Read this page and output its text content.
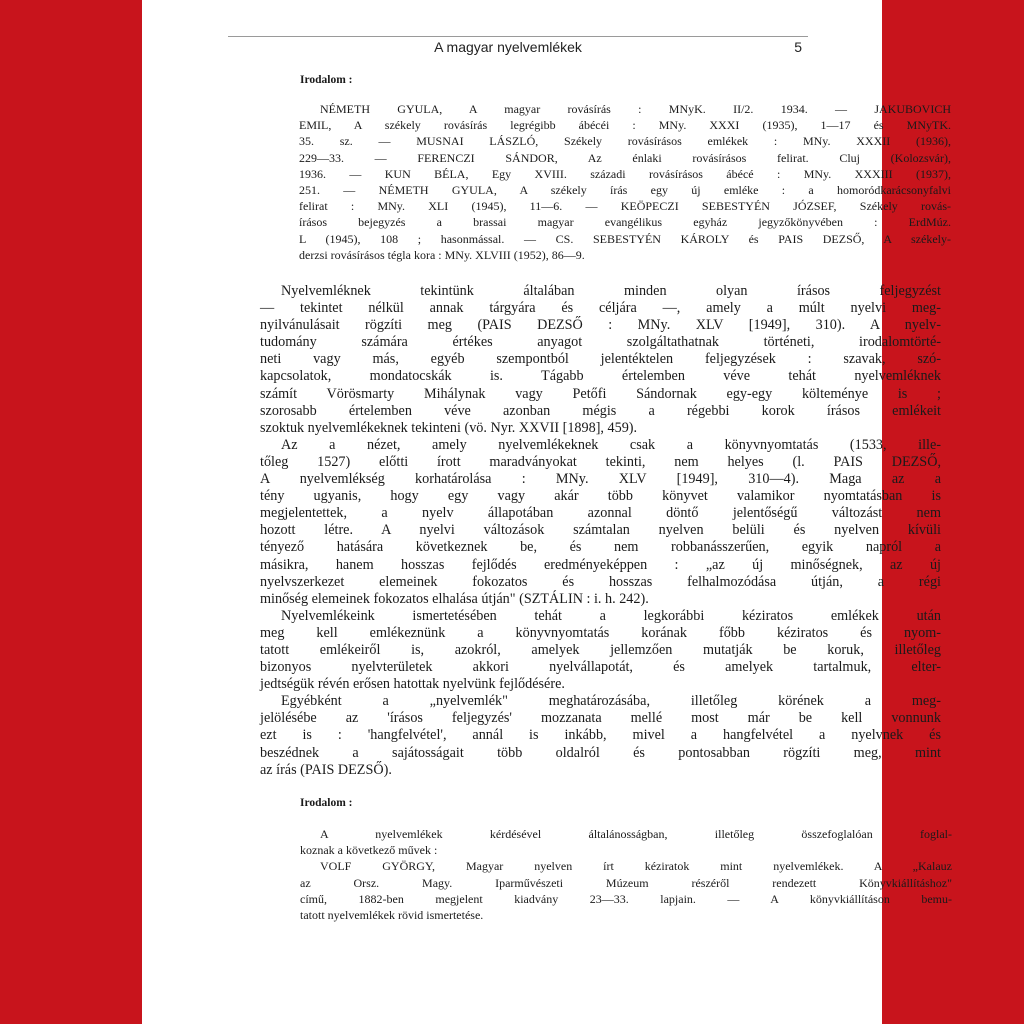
A magyar nyelvemlékek	5

Irodalom :

NÉMETH GYULA, A magyar rovásírás : MNyK. II/2. 1934. — JAKUBOVICH
EMIL, A székely rovásírás legrégibb ábécéi : MNy. XXXI (1935), 1—17 és MNyTK.
35. sz. — MUSNAI LÁSZLÓ, Székely rovásírásos emlékek : MNy. XXXII (1936),
229—33. — FERENCZI SÁNDOR, Az énlaki rovásírásos felirat. Cluj (Kolozsvár),
1936. — KUN BÉLA, Egy XVIII. századi rovásírásos ábécé : MNy. XXXIII (1937),
251. — NÉMETH GYULA, A székely írás egy új emléke : a homoródkarácsonyfalvi
felirat : MNy. XLI (1945), 11—6. — KEÖPECZI SEBESTYÉN JÓZSEF, Székely rovás-
írásos bejegyzés a brassai magyar evangélikus egyház jegyzőkönyvében : ErdMúz.
L (1945), 108 ; hasonmással. — CS. SEBESTYÉN KÁROLY és PAIS DEZSŐ, A székely-
derzsi rovásírásos tégla kora : MNy. XLVIII (1952), 86—9.
Nyelvemléknek tekintünk általában minden olyan írásos feljegyzést
— tekintet nélkül annak tárgyára és céljára —, amely a múlt nyelvi meg-
nyilvánulásait rögzíti meg (PAIS DEZSŐ : MNy. XLV [1949], 310). A nyelv-
tudomány számára értékes anyagot szolgáltathatnak történeti, irodalomtörté-
neti vagy más, egyéb szempontból jelentéktelen feljegyzések : szavak, szó-
kapcsolatok, mondatocskák is. Tágabb értelemben véve tehát nyelvemléknek
számít Vörösmarty Mihálynak vagy Petőfi Sándornak egy-egy költeménye is ;
szorosabb értelemben véve azonban mégis a régebbi korok írásos emlékeit
szoktuk nyelvemlékeknek tekinteni (vö. Nyr. XXVII [1898], 459).
Az a nézet, amely nyelvemlékeknek csak a könyvnyomtatás (1533, ille-
tőleg 1527) előtti írott maradványokat tekinti, nem helyes (l. PAIS DEZSŐ,
A nyelvemlékség korhatárolása : MNy. XLV [1949], 310—4). Maga az a
tény ugyanis, hogy egy vagy akár több könyvet valamikor nyomtatásban is
megjelentettek, a nyelv állapotában azonnal döntő jelentőségű változást nem
hozott létre. A nyelvi változások számtalan nyelven belüli és nyelven kívüli
tényező hatására következnek be, és nem robbanásszerűen, egyik napról a
másikra, hanem hosszas fejlődés eredményeképpen : „az új minőségnek, az új
nyelvszerkezet elemeinek fokozatos és hosszas felhalmozódása útján, a régi
minőség elemeinek fokozatos elhalása útján" (SZTÁLIN : i. h. 242).
Nyelvemlékeink ismertetésében tehát a legkorábbi kéziratos emlékek után
meg kell emlékeznünk a könyvnyomtatás korának főbb kéziratos és nyom-
tatott emlékeiről is, azokról, amelyek jellemzően mutatják be koruk, illetőleg
bizonyos nyelvterületek akkori nyelvállapotát, és amelyek tartalmuk, elter-
jedtségük révén erősen hatottak nyelvünk fejlődésére.
Egyébként a „nyelvemlék" meghatározásába, illetőleg körének a meg-
jelölésébe az 'írásos feljegyzés' mozzanata mellé most már be kell vonnunk
ezt is : 'hangfelvétel', annál is inkább, mivel a hangfelvétel a nyelvnek és
beszédnek a sajátosságait több oldalról és pontosabban rögzíti meg, mint
az írás (PAIS DEZSŐ).

Irodalom :

A nyelvemlékek kérdésével általánosságban, illetőleg összefoglalóan foglal-
koznak a következő művek :
VOLF GYÖRGY, Magyar nyelven írt kéziratok mint nyelvemlékek. A „Kalauz
az Orsz. Magy. Iparművészeti Múzeum részéről rendezett Könyvkiállításhoz"
című, 1882-ben megjelent kiadvány 23—33. lapjain. — A könyvkiállításon bemu-
tatott nyelvemlékek rövid ismertetése.
